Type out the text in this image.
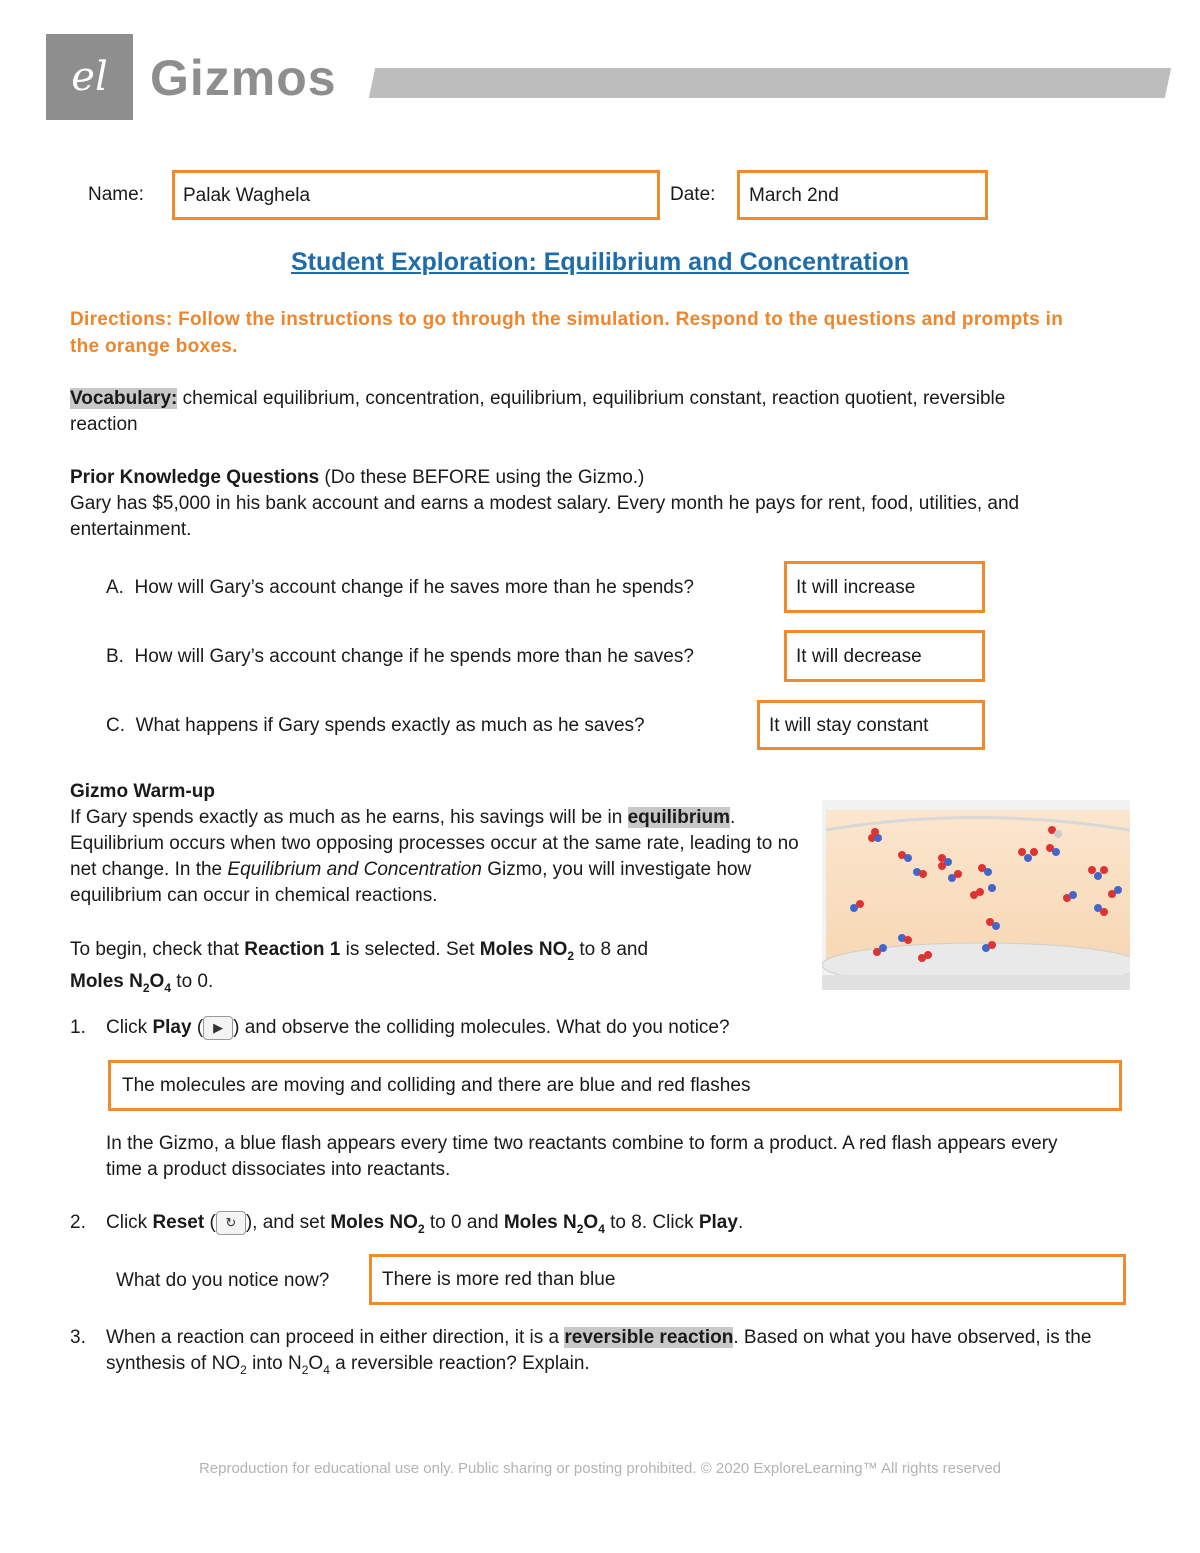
el Gizmos
Name:	Palak Waghela	Date:	March 2nd
Student Exploration: Equilibrium and Concentration
Directions: Follow the instructions to go through the simulation. Respond to the questions and prompts in the orange boxes.
Vocabulary: chemical equilibrium, concentration, equilibrium, equilibrium constant, reaction quotient, reversible reaction
Prior Knowledge Questions (Do these BEFORE using the Gizmo.)
Gary has $5,000 in his bank account and earns a modest salary. Every month he pays for rent, food, utilities, and entertainment.
A. How will Gary’s account change if he saves more than he spends?	It will increase
B. How will Gary’s account change if he spends more than he saves?	It will decrease
C. What happens if Gary spends exactly as much as he saves?	It will stay constant
Gizmo Warm-up
If Gary spends exactly as much as he earns, his savings will be in equilibrium. Equilibrium occurs when two opposing processes occur at the same rate, leading to no net change. In the Equilibrium and Concentration Gizmo, you will investigate how equilibrium can occur in chemical reactions.
To begin, check that Reaction 1 is selected. Set Moles $NO_2$ to 8 and
Moles $N_2O_4$ to 0.
1. Click Play ( ▶ ) and observe the colliding molecules. What do you notice?
The molecules are moving and colliding and there are blue and red flashes
In the Gizmo, a blue flash appears every time two reactants combine to form a product. A red flash appears every time a product dissociates into reactants.
2. Click Reset ( ↻ ), and set Moles $NO_2$ to 0 and Moles $N_2O_4$ to 8. Click Play.
What do you notice now?	There is more red than blue
3. When a reaction can proceed in either direction, it is a reversible reaction. Based on what you have observed, is the synthesis of $NO_2$ into $N_2O_4$ a reversible reaction? Explain.
Reproduction for educational use only. Public sharing or posting prohibited. © 2020 ExploreLearning™ All rights reserved
